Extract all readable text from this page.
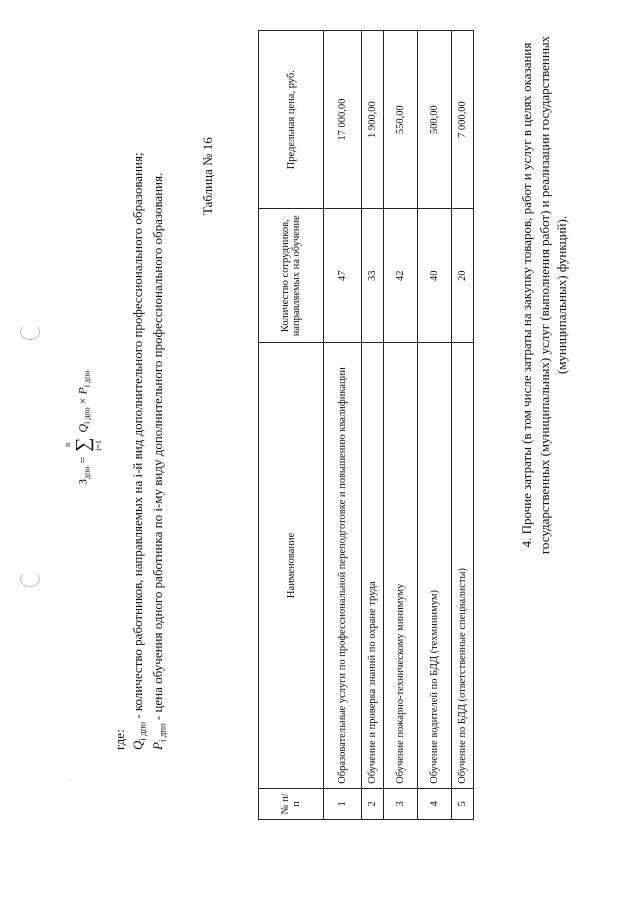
$З_{дпо}$ = ∑
n	i=1
$Q_{i дпо} \times P_{i дпо}$
где: $Q_{i дпо}$ - количество работников, направляемых на i-й вид дополнительного профессионального образования;
$P_{i дпо}$ - цена обучения одного работника по i-му виду дополнительного профессионального образования.	Таблица № 16
№ п/п	Наименование	Количество сотрудников, направляемых на обучение	Предельная цена, руб.
1	Образовательные услуги по профессиональной переподготовке и повышению квалификации	47	17 000,00
2	Обучение и проверка знаний по охране труда	33	1 900,00
3	Обучение пожарно-техническому минимуму	42	550,00
4	Обучение водителей по БДД (техминимум)	40	500,00
5	Обучение по БДД (ответственные специалисты)	20	7 000,00	4. Прочие затраты (в том числе затраты на закупку товаров, работ и услуг в целях оказания государственных (муниципальных) услуг (выполнения работ) и реализации государственных (муниципальных) функций).
